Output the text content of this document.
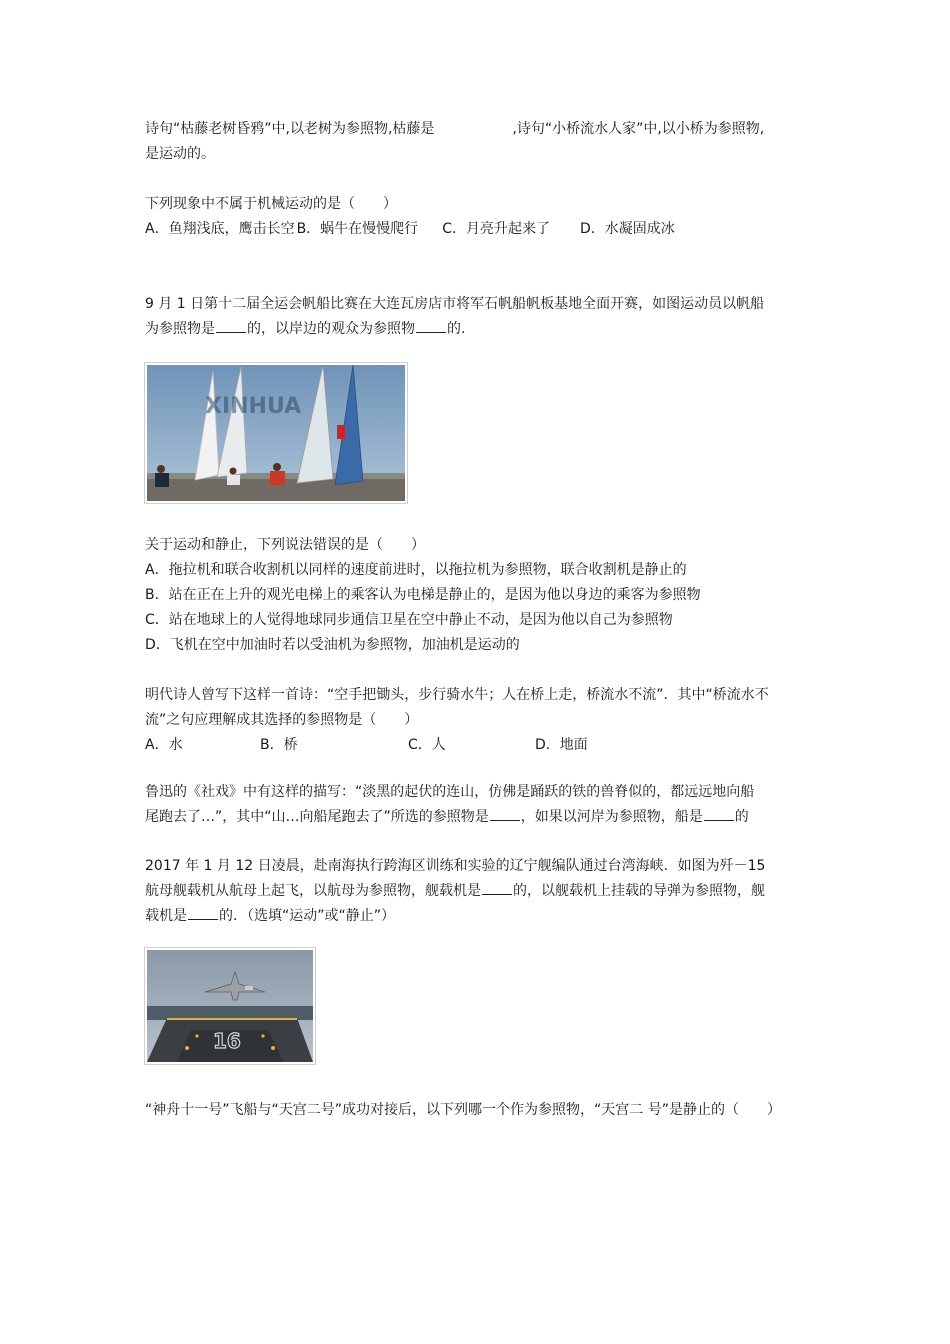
诗句“枯藤老树昏鸦”中,以老树为参照物,枯藤是	,诗句“小桥流水人家”中,以小桥为参照物,
是运动的。
下列现象中不属于机械运动的是（　　）
A．鱼翔浅底，鹰击长空 B．蜗牛在慢慢爬行 C．月亮升起来了 D．水凝固成冰
9 月 1 日第十二届全运会帆船比赛在大连瓦房店市将军石帆船帆板基地全面开赛，如图运动员以帆船
为参照物是 的，以岸边的观众为参照物 的.
XINHUA
关于运动和静止，下列说法错误的是（　　）
A．拖拉机和联合收割机以同样的速度前进时，以拖拉机为参照物，联合收割机是静止的
B．站在正在上升的观光电梯上的乘客认为电梯是静止的，是因为他以身边的乘客为参照物
C．站在地球上的人觉得地球同步通信卫星在空中静止不动，是因为他以自己为参照物
D．飞机在空中加油时若以受油机为参照物，加油机是运动的
明代诗人曾写下这样一首诗：“空手把锄头，步行骑水牛；人在桥上走，桥流水不流”．其中“桥流水不
流”之句应理解成其选择的参照物是（　　）
A．水	B．桥	C．人	D．地面
鲁迅的《社戏》中有这样的描写：“淡黑的起伏的连山，仿佛是踊跃的铁的兽脊似的，都远远地向船
尾跑去了…”，其中“山…向船尾跑去了”所选的参照物是 ，如果以河岸为参照物，船是 的
2017 年 1 月 12 日凌晨，赴南海执行跨海区训练和实验的辽宁舰编队通过台湾海峡．如图为歼－15
航母舰载机从航母上起飞，以航母为参照物，舰载机是 的，以舰载机上挂载的导弹为参照物，舰
载机是 的．（选填“运动”或“静止”）
16
“神舟十一号”飞船与“天宫二号”成功对接后，以下列哪一个作为参照物，“天宫二 号”是静止的（　　）
